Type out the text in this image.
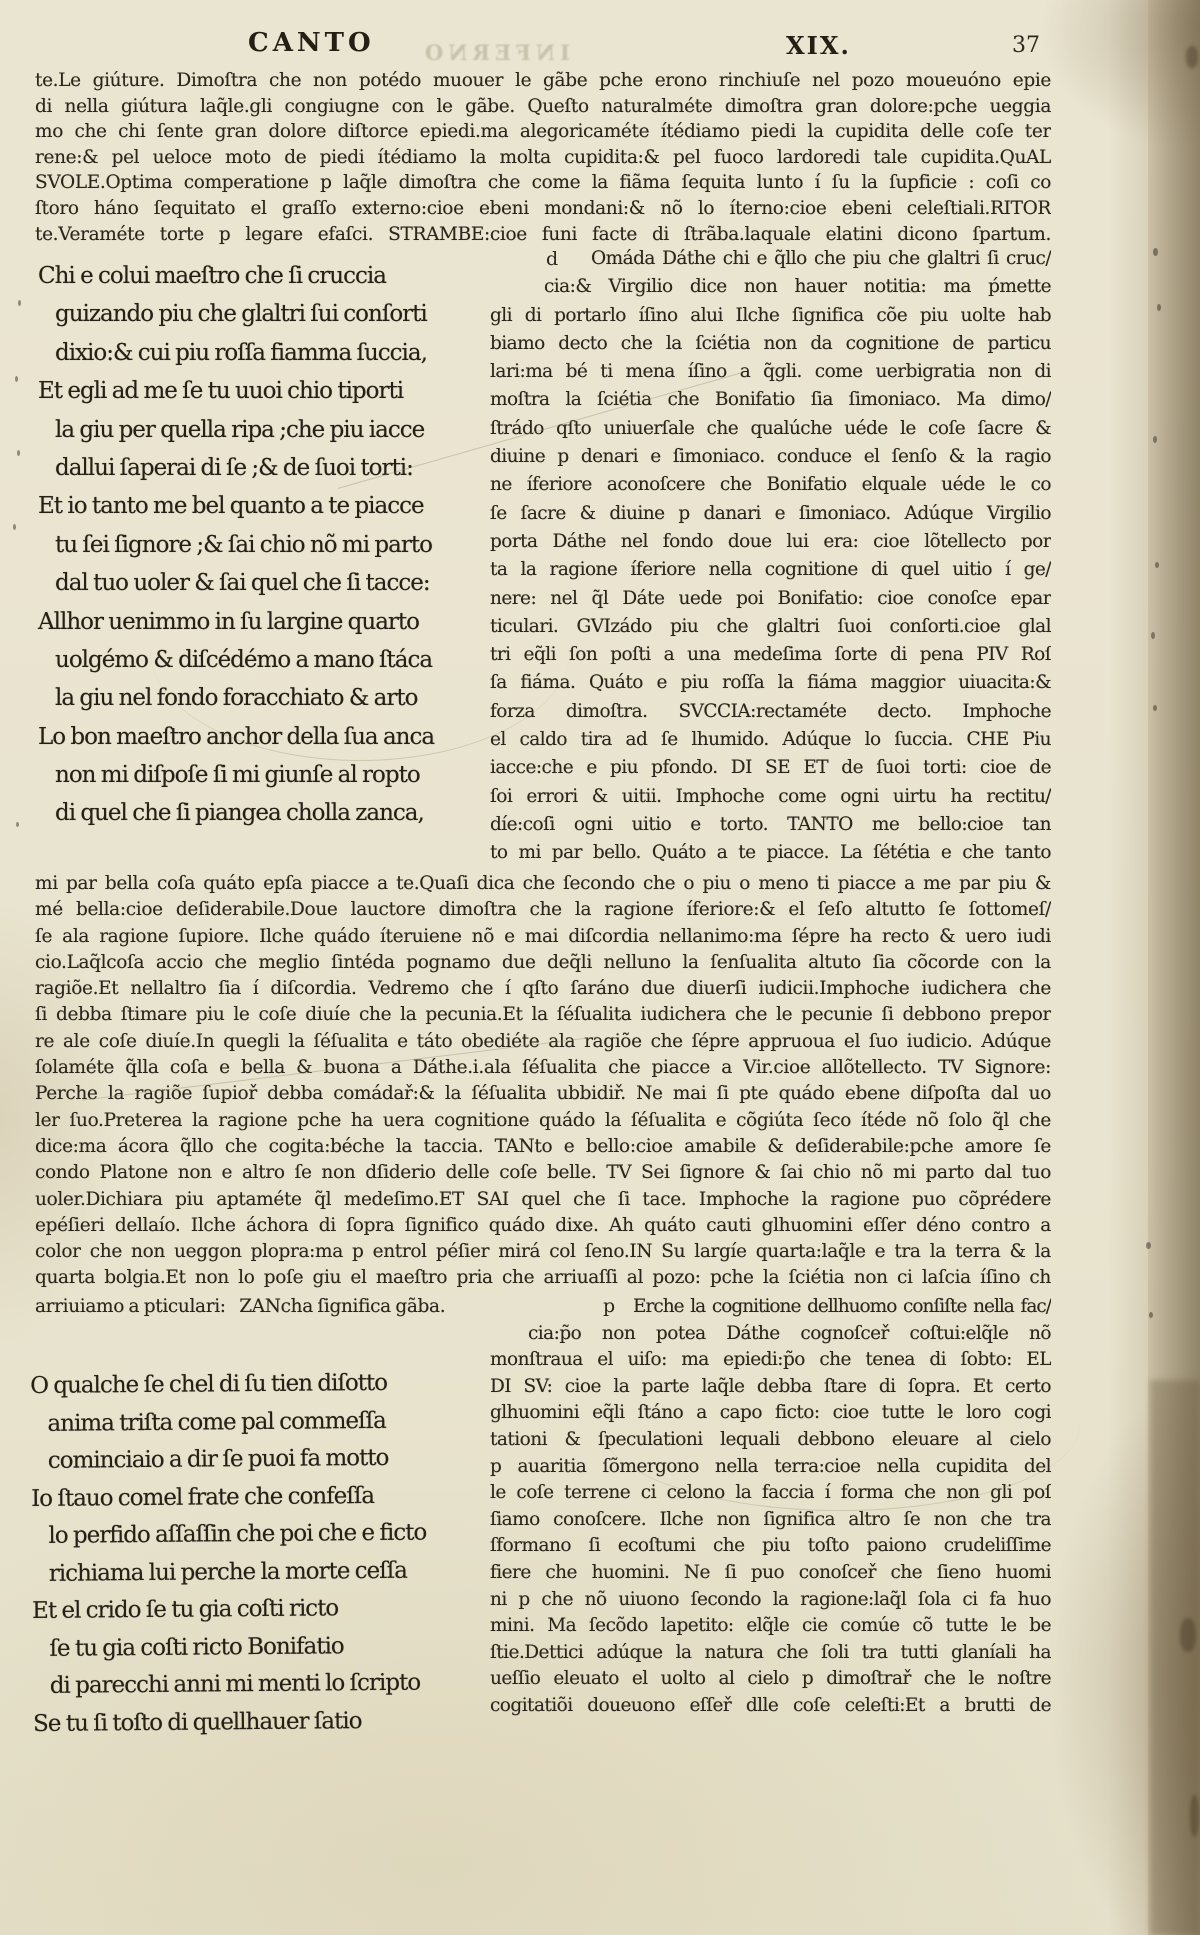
INFERNO
CANTO	XIX.	37
te.Le giúture. Dimoſtra che non potédo muouer le gãbe pche erono rinchiuſe nel pozo moueuóno epie
di nella giútura laq̃le.gli congiugne con le gãbe. Queſto naturalméte dimoſtra gran dolore:pche ueggia
mo che chi ſente gran dolore diſtorce epiedi.ma alegoricaméte ítédiamo piedi la cupidita delle coſe ter
rene:& pel ueloce moto de piedi ítédiamo la molta cupidita:& pel fuoco lardoredi tale cupidita.QuAL
SVOLE.Optima comperatione p laq̃le dimoſtra che come la fiãma ſequita lunto í ſu la ſupficie : coſi co
ſtoro háno ſequitato el graſſo externo:cioe ebeni mondani:& nõ lo íterno:cioe ebeni celeſtiali.RITOR
te.Veraméte torte p legare efaſci. STRAMBE:cioe funi facte di ſtrãba.laquale elatini dicono ſpartum.
Chi e colui maeſtro che ſi cruccia
guizando piu che glaltri ſui conſorti
dixio:& cui piu roſſa fiamma ſuccia,
Et egli ad me ſe tu uuoi chio tiporti
la giu per quella ripa ;che piu iacce
dallui ſaperai di ſe ;& de ſuoi torti:
Et io tanto me bel quanto a te piacce
tu ſei ſignore ;& ſai chio nõ mi parto
dal tuo uoler & ſai quel che ſi tacce:
Allhor uenimmo in ſu largine quarto
uolgémo & diſcédémo a mano ſtáca
la giu nel fondo foracchiato & arto
Lo bon maeſtro anchor della ſua anca
non mi diſpoſe ſi mi giunſe al ropto
di quel che ſi piangea cholla zanca,
d	Omáda Dáthe chi e q̃llo che piu che glaltri ſi cruc/
cia:& Virgilio dice non hauer notitia: ma ṕmette
gli di portarlo íſino alui Ilche ſignifica cõe piu uolte hab
biamo decto che la ſciétia non da cognitione de particu
lari:ma bé ti mena íſino a q̃gli. come uerbigratia non di
moſtra la ſciétia che Bonifatio ſia ſimoniaco. Ma dimo/
ſtrádo qſto uniuerſale che qualúche uéde le coſe ſacre &
diuine p denari e ſimoniaco. conduce el ſenſo & la ragio
ne íferiore aconoſcere che Bonifatio elquale uéde le co
ſe ſacre & diuine p danari e ſimoniaco. Adúque Virgilio
porta Dáthe nel fondo doue lui era: cioe lõtellecto por
ta la ragione íferiore nella cognitione di quel uitio í ge/
nere: nel q̃l Dáte uede poi Bonifatio: cioe conoſce epar
ticulari. GVIzádo piu che glaltri ſuoi conſorti.cioe glal
tri eq̃li ſon poſti a una medeſima ſorte di pena PIV Roſ
ſa fiáma. Quáto e piu roſſa la fiáma maggior uiuacita:&
forza dimoſtra. SVCCIA:rectaméte decto. Imphoche
el caldo tira ad ſe lhumido. Adúque lo ſuccia. CHE Piu
iacce:che e piu pfondo. DI SE ET de ſuoi torti: cioe de
ſoi errori & uitii. Imphoche come ogni uirtu ha rectitu/
díe:coſi ogni uitio e torto. TANTO me bello:cioe tan
to mi par bello. Quáto a te piacce. La ſététia e che tanto
mi par bella coſa quáto epſa piacce a te.Quaſi dica che ſecondo che o piu o meno ti piacce a me par piu &
mé bella:cioe deſiderabile.Doue lauctore dimoſtra che la ragione íferiore:& el ſeſo altutto ſe ſottomeſ/
ſe ala ragione ſupiore. Ilche quádo íteruiene nõ e mai diſcordia nellanimo:ma ſépre ha recto & uero iudi
cio.Laq̃lcoſa accio che meglio ſintéda pognamo due deq̃li nelluno la ſenſualita altuto ſia cõcorde con la
ragiõe.Et nellaltro ſia í diſcordia. Vedremo che í qſto ſaráno due diuerſi iudicii.Imphoche iudichera che
ſi debba ſtimare piu le coſe diuíe che la pecunia.Et la ſéſualita iudichera che le pecunie ſi debbono prepor
re ale coſe diuíe.In quegli la ſéſualita e táto obediéte ala ragiõe che ſépre appruoua el ſuo iudicio. Adúque
ſolaméte q̃lla coſa e bella & buona a Dáthe.i.ala ſéſualita che piacce a Vir.cioe allõtellecto. TV Signore:
Perche la ragiõe ſupioř debba comádař:& la ſéſualita ubbidiř. Ne mai ſi pte quádo ebene diſpoſta dal uo
ler ſuo.Preterea la ragione pche ha uera cognitione quádo la ſéſualita e cõgiúta ſeco ítéde nõ ſolo q̃l che
dice:ma ácora q̃llo che cogita:béche la taccia. TANto e bello:cioe amabile & deſiderabile:pche amore ſe
condo Platone non e altro ſe non dſiderio delle coſe belle. TV Sei ſignore & ſai chio nõ mi parto dal tuo
uoler.Dichiara piu aptaméte q̃l medeſimo.ET SAI quel che ſi tace. Imphoche la ragione puo cõprédere
epéſieri dellaío. Ilche áchora di ſopra ſignifico quádo dixe. Ah quáto cauti glhuomini eſſer déno contro a
color che non ueggon plopra:ma p entrol péſier mirá col ſeno.IN Su largíe quarta:laq̃le e tra la terra & la
quarta bolgia.Et non lo poſe giu el maeſtro pria che arriuaſſi al pozo: pche la ſciétia non ci laſcia íſino ch
arriuiamo a pticulari:   ZANcha ſignifica gãba.	p Erche la cognitione dellhuomo conſiſte nella fac/
cia:p̃o non potea Dáthe cognoſceř coſtui:elq̃le nõ
monſtraua el uiſo: ma epiedi:p̃o che tenea di ſobto: EL
DI SV: cioe la parte laq̃le debba ſtare di ſopra. Et certo
glhuomini eq̃li ſtáno a capo ficto: cioe tutte le loro cogi
tationi & ſpeculationi lequali debbono eleuare al cielo
p auaritia ſõmergono nella terra:cioe nella cupidita del
le coſe terrene ci celono la faccia í forma che non gli poſ
ſiamo conoſcere. Ilche non ſignifica altro ſe non che tra
ſformano ſi ecoſtumi che piu toſto paiono crudeliſſime
fiere che huomini. Ne ſi puo conoſceř che ſieno huomi
ni p che nõ uiuono ſecondo la ragione:laq̃l ſola ci fa huo
mini. Ma ſecõdo lapetito: elq̃le cie comúe cõ tutte le be
ſtie.Dettici adúque la natura che ſoli tra tutti glaníali ha
ueſſio eleuato el uolto al cielo p dimoſtrař che le noſtre
cogitatiõi doueuono eſſeř dlle coſe celeſti:Et a brutti de
O qualche ſe chel di ſu tien diſotto
anima triſta come pal commeſſa
cominciaio a dir ſe puoi fa motto
Io ſtauo comel frate che confeſſa
lo perfido aſſaſſin che poi che e ficto
richiama lui perche la morte ceſſa
Et el crido ſe tu gia coſti ricto
ſe tu gia coſti ricto Bonifatio
di parecchi anni mi menti lo ſcripto
Se tu ſi toſto di quellhauer ſatio
